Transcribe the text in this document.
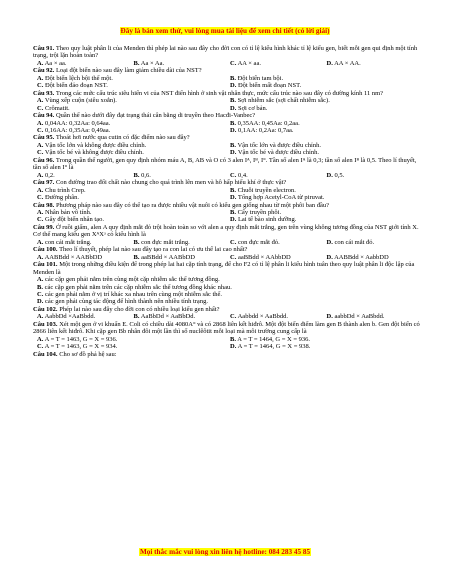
Đây là bản xem thử, vui lòng mua tài liệu để xem chi tiết (có lời giải)

Câu 91. Theo quy luật phân li của Menden thì phép lai nào sau đây cho đời con có tỉ lệ kiểu hình khác tỉ lệ kiểu gen, biết mỗi gen qui định một tính trạng, trội lặn hoàn toàn?

A. Aa × aa.	B. Aa × Aa.	C. AA × aa.	D. AA × AA.

Câu 92. Loại đột biến nào sau đây làm giảm chiều dài của NST?

A. Đột biến lệch bội thể một.	B. Đột biến tam bội.
C. Đột biến đảo đoạn NST.	D. Đột biến mất đoạn NST.

Câu 93. Trong các mức cấu trúc siêu hiển vi của NST điển hình ở sinh vật nhân thực, mức cấu trúc nào sau đây có đường kính 11 nm?

A. Vùng xếp cuộn (siêu xoắn).	B. Sợi nhiễm sắc (sợi chất nhiễm sắc).
C. Crômatit.	D. Sợi cơ bản.

Câu 94. Quần thể nào dưới đây đạt trạng thái cân bằng di truyền theo Hacđi-Vanbec?

A. 0,04AA: 0,32Aa: 0,64aa.	B. 0,35AA: 0,45Aa: 0,2aa.
C. 0,16AA: 0,35Aa: 0,49aa.	D. 0,1AA: 0,2Aa: 0,7aa.

Câu 95. Thoát hơi nước qua cutin có đặc điểm nào sau đây?

A. Vận tốc lớn và không được điều chỉnh.	B. Vận tốc lớn và được điều chỉnh.
C. Vận tốc bé và không được điều chỉnh.	D. Vận tốc bé và được điều chỉnh.

Câu 96. Trong quần thể người, gen quy định nhóm máu A, B, AB và O có 3 alen Iᴬ, Iᴮ, I°. Tần số alen Iᴬ là 0,3; tần số alen Iᴮ là 0,5. Theo lí thuyết, tần số alen I° là

A. 0,2.	B. 0,6.	C. 0,4.	D. 0,5.

Câu 97. Con đường trao đổi chất nào chung cho quá trình lên men và hô hấp hiếu khí ở thực vật?

A. Chu trình Crep.	B. Chuỗi truyền electron.
C. Đường phân.	D. Tổng hợp Acetyl-CoA từ piruvat.

Câu 98. Phương pháp nào sau đây có thể tạo ra được nhiều vật nuôi có kiểu gen giống nhau từ một phôi ban đầu?

A. Nhân bản vô tính.	B. Cấy truyền phôi.
C. Gây đột biến nhân tạo.	D. Lai tế bào sinh dưỡng.

Câu 99. Ở ruồi giấm, alen A quy định mắt đỏ trội hoàn toàn so với alen a quy định mắt trắng, gen trên vùng không tương đồng của NST giới tính X. Cơ thể mang kiểu gen XᴬXᵃ có kiểu hình là

A. con cái mắt trắng.	B. con đực mắt trắng.	C. con đực mắt đỏ.	D. con cái mắt đỏ.

Câu 100. Theo lí thuyết, phép lai nào sau đây tạo ra con lai có ưu thế lai cao nhất?

A. AABBdd × AABbDD	B. aaBBdd × AABbDD	C. aaBBdd × AAbbDD	D. AABBdd × AabbDD

Câu 101. Một trong những điều kiện để trong phép lai hai cặp tính trạng, để cho F2 có tỉ lệ phân li kiểu hình tuân theo quy luật phân li độc lập của Menden là

A. các cặp gen phải nằm trên cùng một cặp nhiễm sắc thể tương đồng.
B. các cặp gen phải nằm trên các cặp nhiễm sắc thể tương đồng khác nhau.
C. các gen phải nằm ở vị trí khác xa nhau trên cùng một nhiễm sắc thể.
D. các gen phải cùng tác động để hình thành nên nhiều tính trạng.

Câu 102. Phép lai nào sau đây cho đời con có nhiều loại kiểu gen nhất?

A. AabbDd ×AaBbdd.	B. AaBbDd × AaBbDd.	C. Aabbdd × AaBbdd.	D. aabbDd × AaBbdd.

Câu 103. Xét một gen ở vi khuẩn E. Coli có chiều dài 4080A° và có 2868 liên kết hiđrô. Một đột biến điểm làm gen B thành alen b. Gen đột biến có 2866 liên kết hiđrô. Khi cặp gen Bb nhân đôi một lần thì số nuclêôtit mỗi loại mà môi trường cung cấp là

A. A = T = 1463, G = X = 936.	B. A = T = 1464, G = X = 936.
C. A = T = 1463, G = X = 934.	D. A = T = 1464, G = X = 938.

Câu 104. Cho sơ đồ phả hệ sau:

Mọi thắc mắc vui lòng xin liên hệ hotline: 084 283 45 85
